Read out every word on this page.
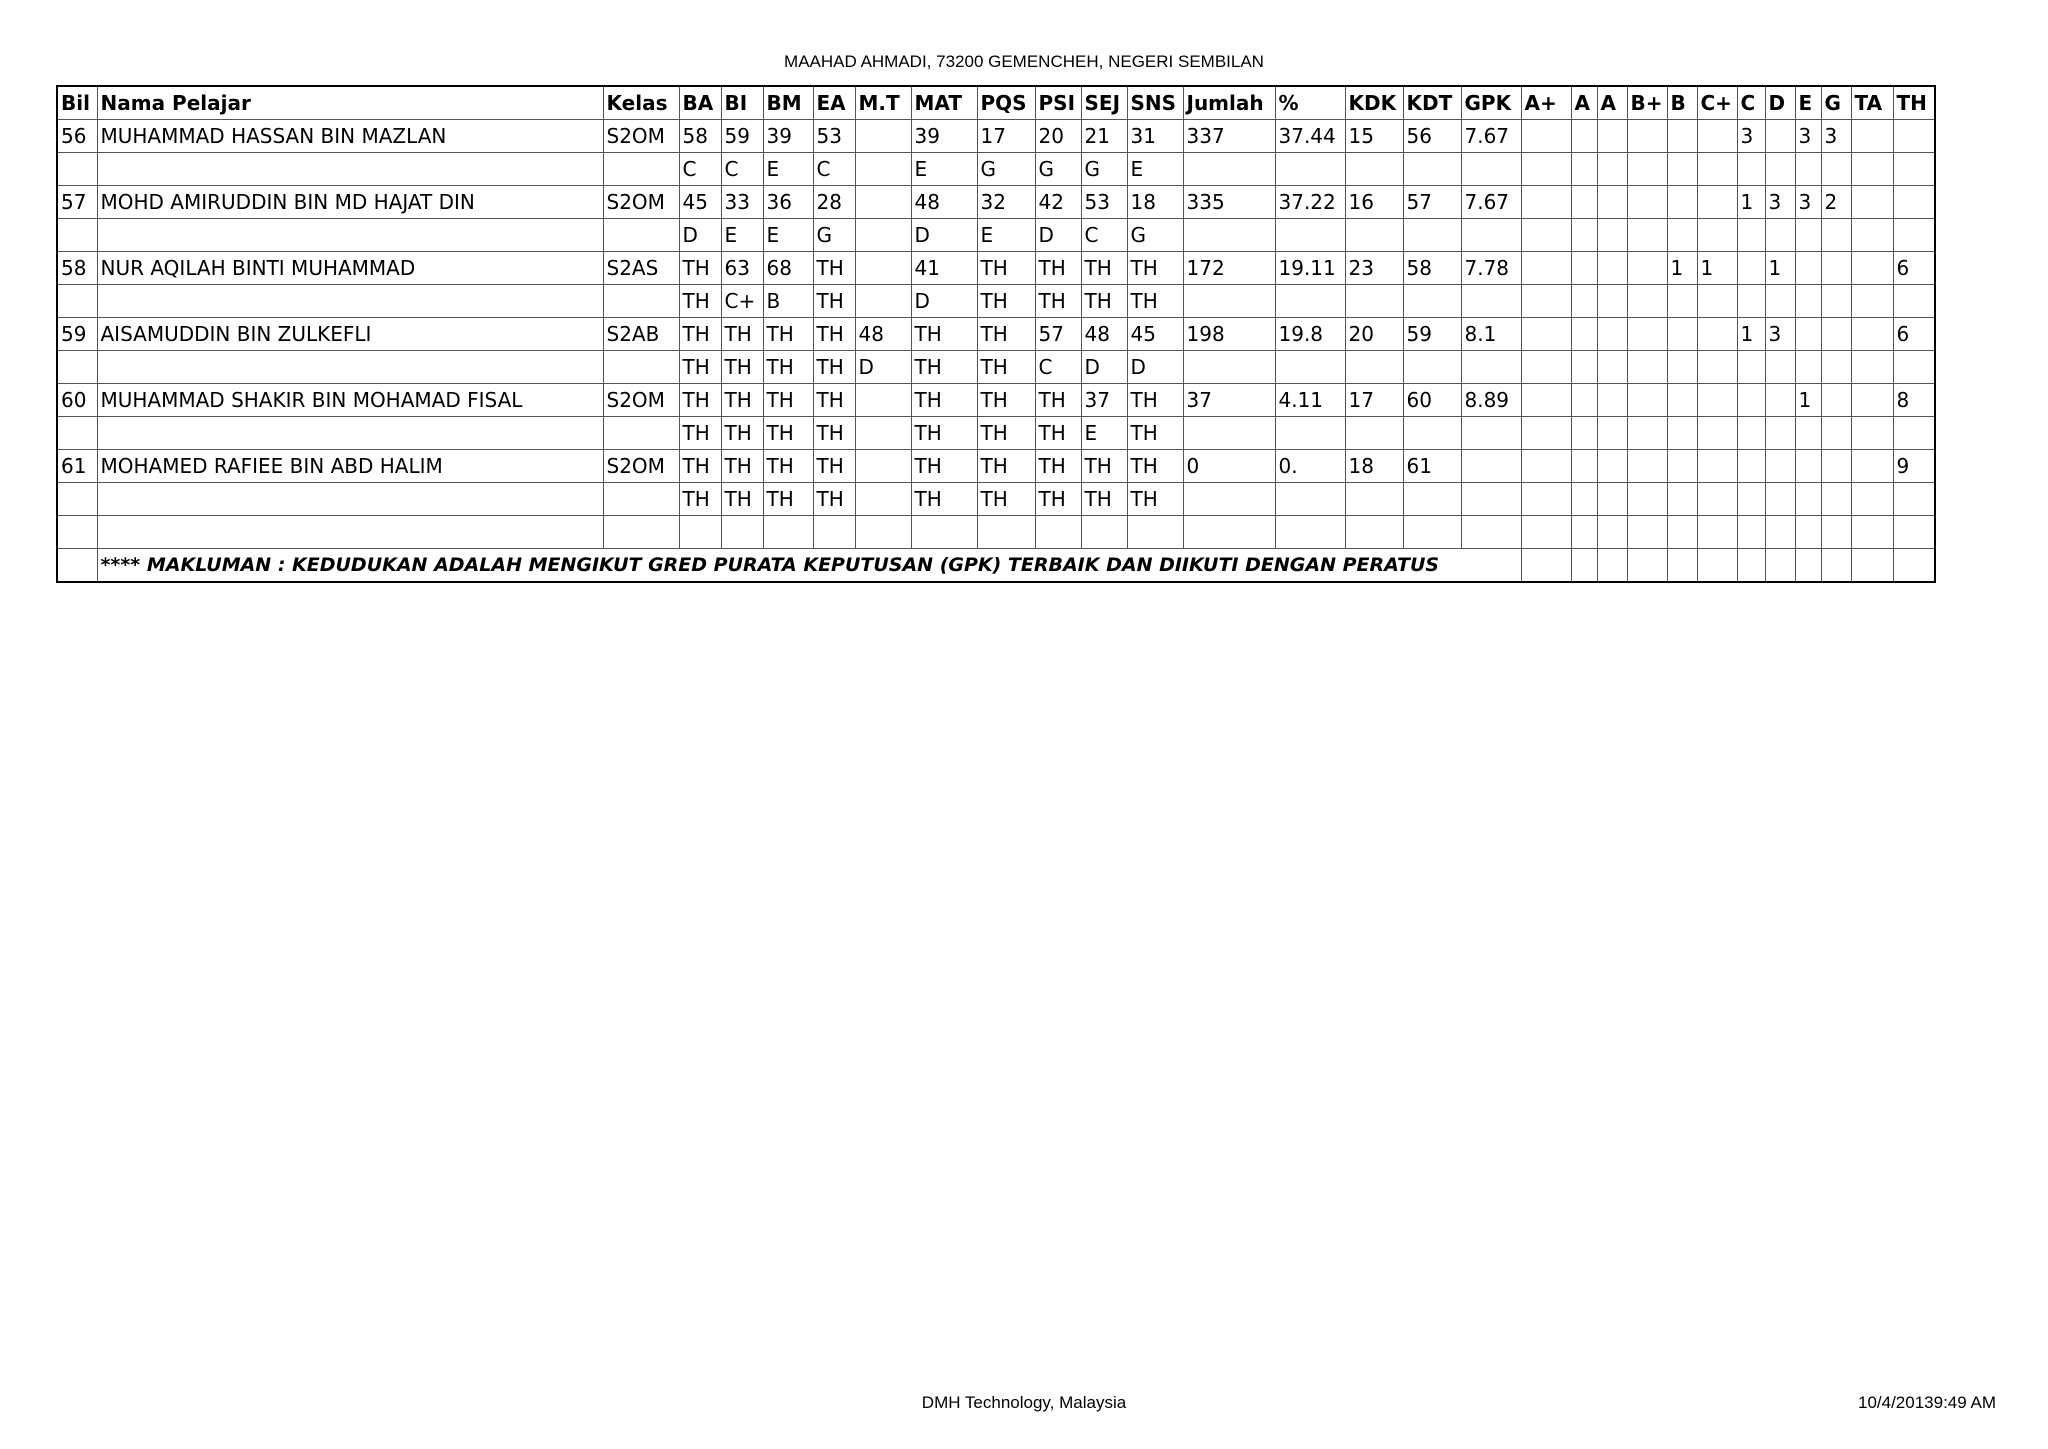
MAAHAD AHMADI, 73200 GEMENCHEH, NEGERI SEMBILAN
Bil	Nama Pelajar	Kelas	BA	BI	BM	EA	M.T	MAT	PQS	PSI	SEJ	SNS	Jumlah	%	KDK	KDT	GPK	A+	A	A	B+	B	C+	C	D	E	G	TA	TH
56	MUHAMMAD HASSAN BIN MAZLAN	S2OM	58	59	39	53		39	17	20	21	31	337	37.44	15	56	7.67							3		3	3		
			C	C	E	C		E	G	G	G	E																	
57	MOHD AMIRUDDIN BIN MD HAJAT DIN	S2OM	45	33	36	28		48	32	42	53	18	335	37.22	16	57	7.67							1	3	3	2		
			D	E	E	G		D	E	D	C	G																	
58	NUR AQILAH BINTI MUHAMMAD	S2AS	TH	63	68	TH		41	TH	TH	TH	TH	172	19.11	23	58	7.78					1	1		1				6
			TH	C+	B	TH		D	TH	TH	TH	TH																	
59	AISAMUDDIN BIN ZULKEFLI	S2AB	TH	TH	TH	TH	48	TH	TH	57	48	45	198	19.8	20	59	8.1							1	3				6
			TH	TH	TH	TH	D	TH	TH	C	D	D																	
60	MUHAMMAD SHAKIR BIN MOHAMAD FISAL	S2OM	TH	TH	TH	TH		TH	TH	TH	37	TH	37	4.11	17	60	8.89									1			8
			TH	TH	TH	TH		TH	TH	TH	E	TH																	
61	MOHAMED RAFIEE BIN ABD HALIM	S2OM	TH	TH	TH	TH		TH	TH	TH	TH	TH	0	0.	18	61													9
			TH	TH	TH	TH		TH	TH	TH	TH	TH																	

	**** MAKLUMAN : KEDUDUKAN ADALAH MENGIKUT GRED PURATA KEPUTUSAN (GPK) TERBAIK DAN DIIKUTI DENGAN PERATUS																												
DMH Technology, Malaysia	10/4/20139:49 AM
